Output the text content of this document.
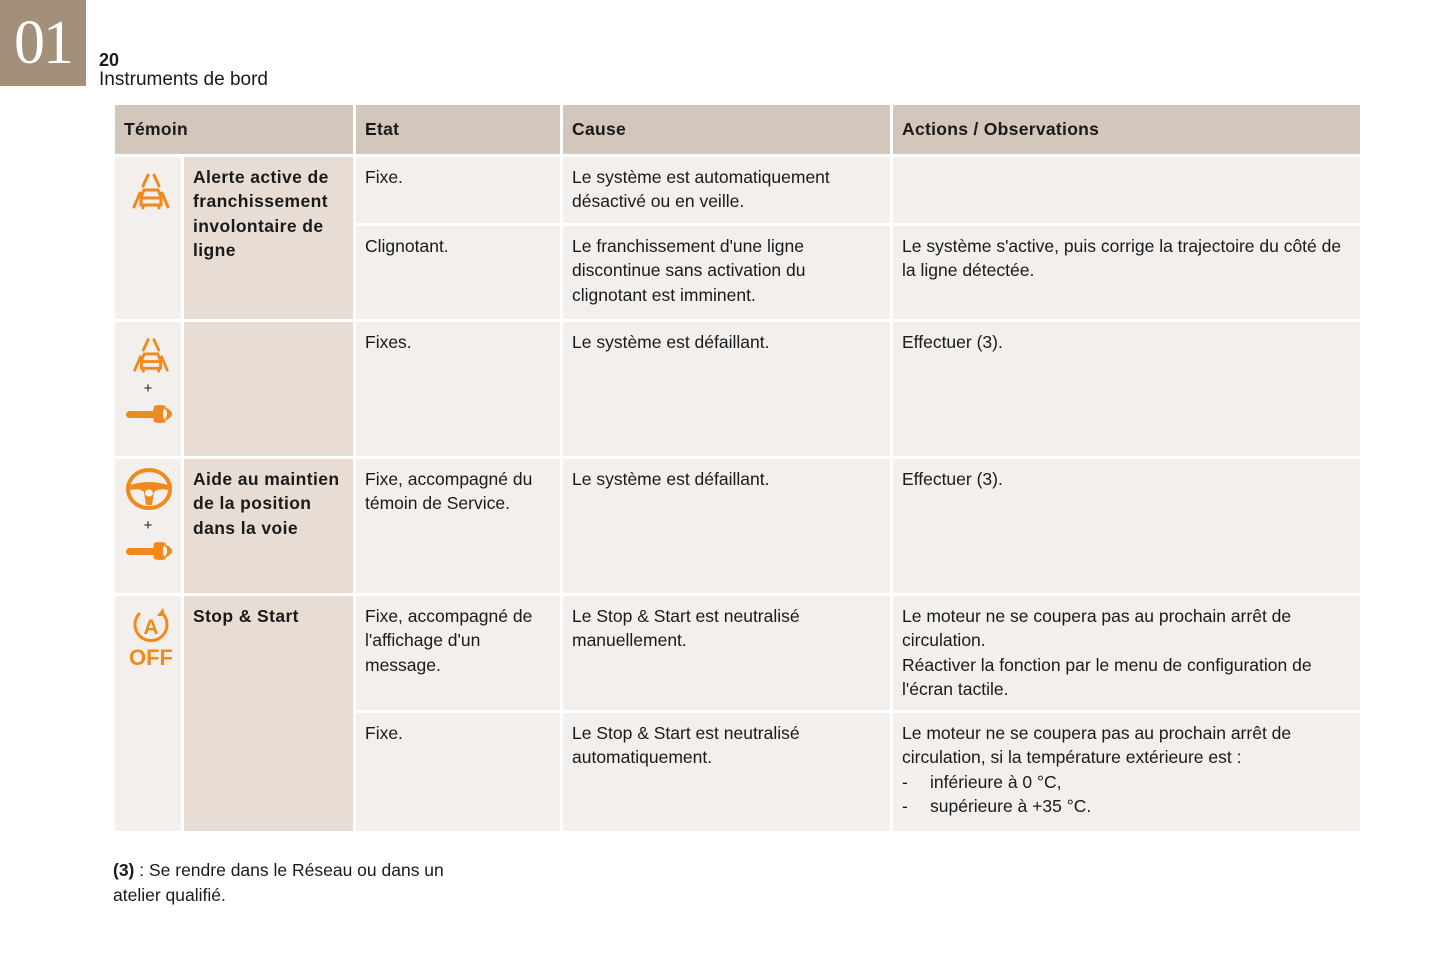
01	20
Instruments de bord
Témoin		Etat	Cause	Actions / Observations

	Alerte active de franchissement involontaire de ligne	Fixe.	Le système est automatiquement désactivé ou en veille.	
		Clignotant.	Le franchissement d'une ligne discontinue sans activation du clignotant est imminent.	Le système s'active, puis corrige la trajectoire du côté de la ligne détectée.

+		Fixes.	Le système est défaillant.	Effectuer (3).

+	Aide au maintien de la position dans la voie	Fixe, accompagné du témoin de Service.	Le système est défaillant.	Effectuer (3).

A
OFF	Stop & Start	Fixe, accompagné de l'affichage d'un message.	Le Stop & Start est neutralisé manuellement.	Le moteur ne se coupera pas au prochain arrêt de circulation.
Réactiver la fonction par le menu de configuration de l'écran tactile.

		Fixe.	Le Stop & Start est neutralisé automatiquement.	Le moteur ne se coupera pas au prochain arrêt de circulation, si la température extérieure est :
- inférieure à 0 °C,
- supérieure à +35 °C.
(3) : Se rendre dans le Réseau ou dans un atelier qualifié.
